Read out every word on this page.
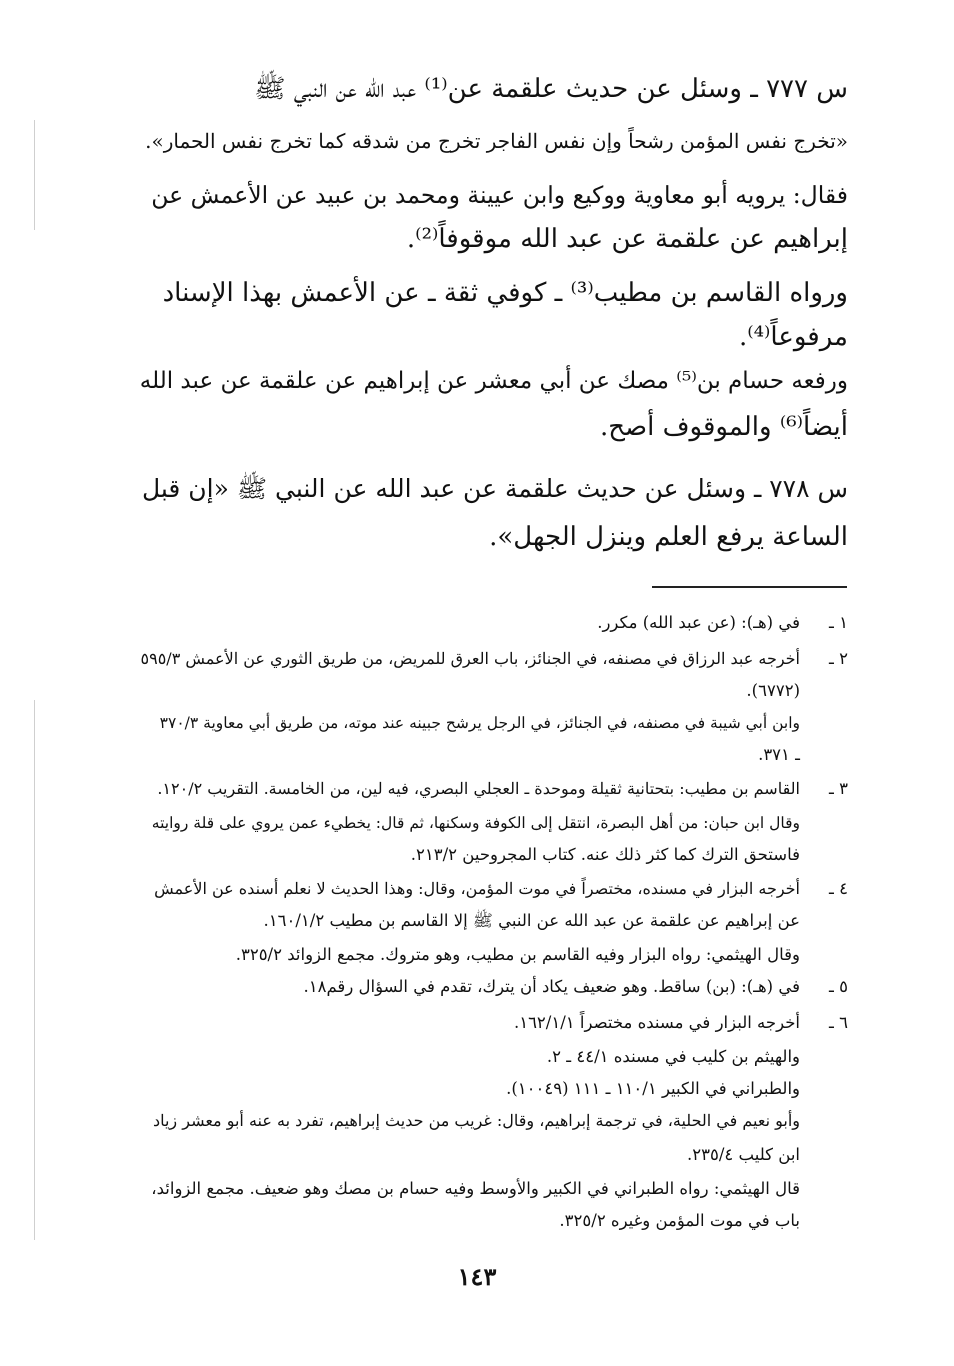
س ٧٧٧ ـ وسئل عن حديث علقمة عن⁽¹⁾ عبد الله عن النبي ﷺ
«تخرج نفس المؤمن رشحاً وإن نفس الفاجر تخرج من شدقه كما تخرج نفس الحمار».
فقال: يرويه أبو معاوية ووكيع وابن عيينة ومحمد بن عبيد عن الأعمش عن
إبراهيم عن علقمة عن عبد الله موقوفاً⁽²⁾.
ورواه القاسم بن مطيب⁽³⁾ ـ كوفي ثقة ـ عن الأعمش بهذا الإسناد
مرفوعاً⁽⁴⁾.
ورفعه حسام بن⁽⁵⁾ مصك عن أبي معشر عن إبراهيم عن علقمة عن عبد الله
أيضاً⁽⁶⁾ والموقوف أصح.
س ٧٧٨ ـ وسئل عن حديث علقمة عن عبد الله عن النبي ﷺ «إن قبل
الساعة يرفع العلم وينزل الجهل».
١ ـ
في (هـ): (عن عبد الله) مكرر.
٢ ـ
أخرجه عبد الرزاق في مصنفه، في الجنائز، باب العرق للمريض، من طريق الثوري عن الأعمش ٥٩٥/٣
(٦٧٧٢).
وابن أبي شيبة في مصنفه، في الجنائز، في الرجل يرشح جبينه عند موته، من طريق أبي معاوية ٣٧٠/٣
ـ ٣٧١.
٣ ـ
القاسم بن مطيب: بتحتانية ثقيلة وموحدة ـ العجلي البصري، فيه لين، من الخامسة. التقريب ١٢٠/٢.
وقال ابن حبان: من أهل البصرة، انتقل إلى الكوفة وسكنها، ثم قال: يخطيء عمن يروي على قلة روايته
فاستحق الترك كما كثر ذلك عنه. كتاب المجروحين ٢١٣/٢.
٤ ـ
أخرجه البزار في مسنده، مختصراً في موت المؤمن، وقال: وهذا الحديث لا نعلم أسنده عن الأعمش
عن إبراهيم عن علقمة عن عبد الله عن النبي ﷺ إلا القاسم بن مطيب ١٦٠/١/٢.
وقال الهيثمي: رواه البزار وفيه القاسم بن مطيب، وهو متروك. مجمع الزوائد ٣٢٥/٢.
٥ ـ
في (هـ): (بن) ساقط. وهو ضعيف يكاد أن يترك، تقدم في السؤال رقم١٨.
٦ ـ
أخرجه البزار في مسنده مختصراً ١٦٢/١/١.
والهيثم بن كليب في مسنده ٤٤/١ ـ ٢.
والطبراني في الكبير ١١٠/١ ـ ١١١ (١٠٠٤٩).
وأبو نعيم في الحلية، في ترجمة إبراهيم، وقال: غريب من حديث إبراهيم، تفرد به عنه أبو معشر زياد
ابن كليب ٢٣٥/٤.
قال الهيثمي: رواه الطبراني في الكبير والأوسط وفيه حسام بن مصك وهو ضعيف. مجمع الزوائد،
باب في موت المؤمن وغيره ٣٢٥/٢.
١٤٣
